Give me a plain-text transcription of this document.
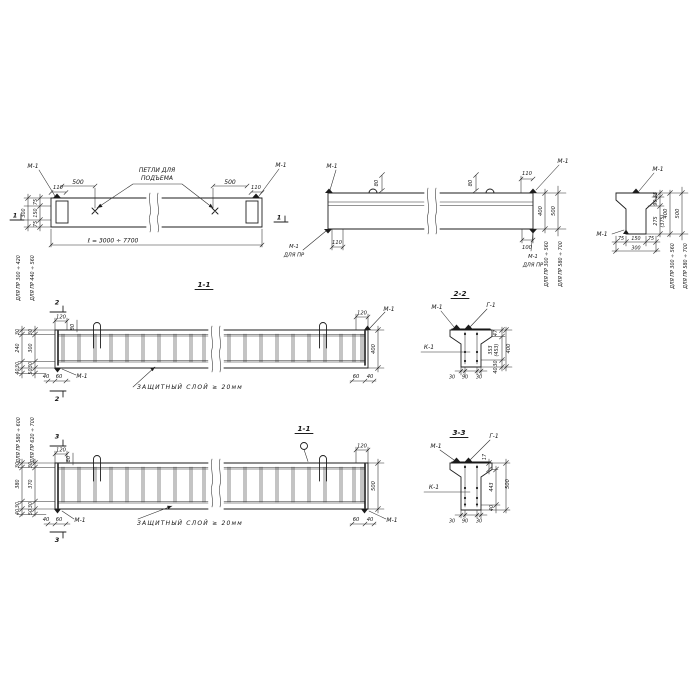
ПЕТЛИ ДЛЯ
ПОДЪЕМА
М-1	М-1
110	110
500	500
75
150
75
300
1	1
ℓ = 3000 ÷ 7700
80	80
М-1
М-1
110
110
М-1
ДЛЯ ПР
100
М-1
ДЛЯ ПР
400 500
ДЛЯ ПР 300 ÷ 560 ДЛЯ ПР 580 ÷ 700
М-1
М-1
75 150 75
300
35
90
275 (375)
400 500
ДЛЯ ПР 300 ÷ 560 ДЛЯ ПР 580 ÷ 700
1-1
80
120
120
2
2
М-1
М-1
40 60	60 40
400
30
240
30
40
30
300
30
50
ДЛЯ ПР 300 ÷ 420 ДЛЯ ПР 440 ÷ 560
ЗАЩИТНЫЙ СЛОЙ ≥ 20мм
2-2
Г-1
М-1
К-1
30 90 30
47
353 (453)
30
40
400
1-1
80
120
120
3
3
М-1
М-1
40 60	60 40
500
30
380
30
40
30
370
30
50
ДЛЯ ПР 580 ÷ 600 ДЛЯ ПР 620 ÷ 700
ЗАЩИТНЫЙ СЛОЙ ≥ 20мм
3-3	Г-1
М-1
К-1
30 90 30
17
443
40
500
